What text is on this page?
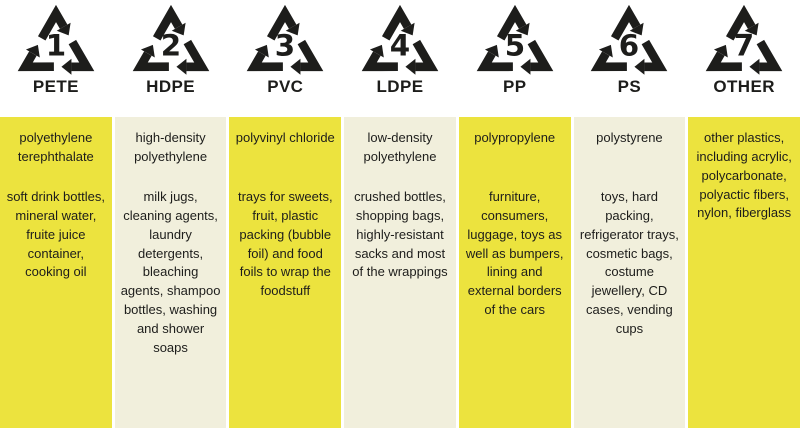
1
PETE

polyethylene terephthalate

soft drink bottles, mineral water, fruite juice container, cooking oil

2
HDPE

high-density polyethylene

milk jugs, cleaning agents, laundry detergents, bleaching agents, shampoo bottles, washing and shower soaps

3
PVC

polyvinyl chloride

trays for sweets, fruit, plastic packing (bubble foil) and food foils to wrap the foodstuff

4
LDPE

low-density polyethylene

crushed bottles, shopping bags, highly-resistant sacks and most of the wrappings

5
PP

polypropylene

furniture, consumers, luggage, toys as well as bumpers, lining and external borders of the cars

6
PS

polystyrene

toys, hard packing, refrigerator trays, cosmetic bags, costume jewellery, CD cases, vending cups

7
OTHER

other plastics, including acrylic, polycarbonate, polyactic fibers, nylon, fiberglass
